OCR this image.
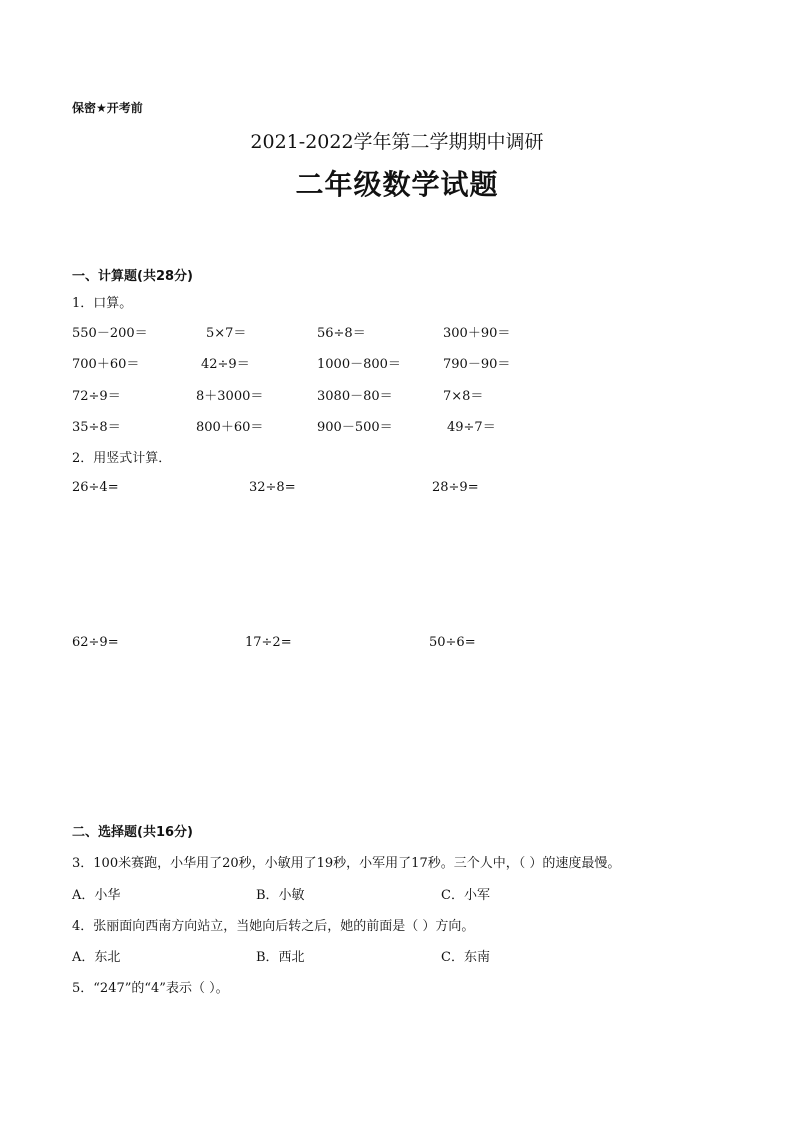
保密★开考前
2021-2022学年第二学期期中调研
二年级数学试题
一、计算题(共28分)
1．口算。
550－200＝	5×7＝	56÷8＝	300＋90＝
700＋60＝	42÷9＝	1000－800＝	790－90＝
72÷9＝	8＋3000＝	3080－80＝	7×8＝
35÷8＝	800＋60＝	900－500＝	49÷7＝
2．用竖式计算．
26÷4=	32÷8=	28÷9=
62÷9=	17÷2=	50÷6=
二、选择题(共16分)
3．100米赛跑，小华用了20秒，小敏用了19秒，小军用了17秒。三个人中，（ ）的速度最慢。
A．小华	B．小敏	C．小军
4．张丽面向西南方向站立，当她向后转之后，她的前面是（ ）方向。
A．东北	B．西北	C．东南
5．“247”的“4”表示（ ）。
